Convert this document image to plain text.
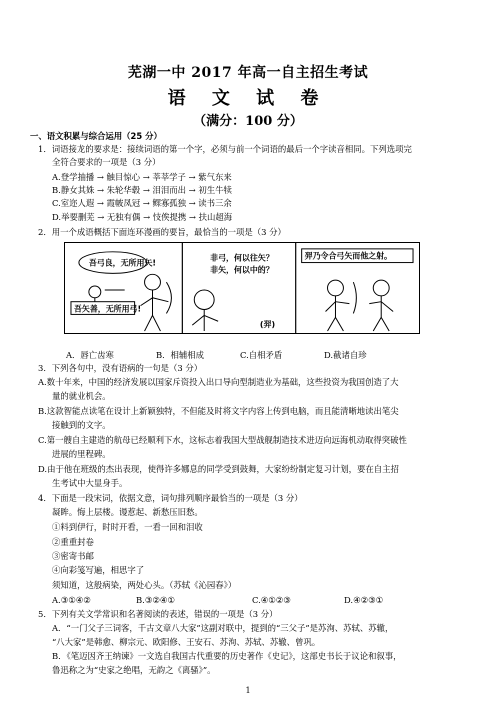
芜湖一中 2017 年高一自主招生考试
语 文 试 卷
（满分：100 分）
一、语文积累与综合运用（25 分）
1．词语接龙的要求是：接续词语的第一个字，必须与前一个词语的最后一个字读音相同。下列选项完
全符合要求的一项是（3 分）
A.登学抽播 → 触目惊心 → 莘莘学子 → 紫气东来
B.静女其姝 → 朱轮华毂 → 泪泪而出 → 初生牛犊
C.室迩人遐 → 霞帔凤冠 → 鳏寡孤独 → 读书三余
D.举要删芜 → 无独有偶 → 忮俟提携 → 扶山超海
2．用一个成语概括下面连环漫画的要旨，最恰当的一项是（3 分）
吾弓良，无所用矢!
吾矢善，无所用弓!
非弓，何以往矢？
非矢，何以中的？
(羿)
羿乃令合弓矢而他之射。
A．唇亡齿寒	B．相辅相成	C.自相矛盾	D.截诸自珍
3．下列各句中，没有语病的一句是（3 分）
A.数十年来，中国的经济发展以国家斥资投入出口导向型制造业为基础，这些投资为我国创造了大
量的就业机会。
B.这款智能点读笔在设计上新颖独特，不但能及时将文字内容上传到电脑，而且能清晰地读出笔尖
接触到的文字。
C.第一艘自主建造的航母已经顺利下水，这标志着我国大型战舰制造技术进迈向远海机动取得突破性
进展的里程碑。
D.由于他在班级的杰出表现，使得许多娜息的同学受到鼓舞，大家纷纷制定复习计划，要在自主招
生考试中大显身手。
4．下面是一段宋词，依据文意，词句排列顺序最恰当的一项是（3 分）
凝眸。悔上层楼。谩惹起、新愁压旧愁。
①料到伊行，时时开看，一看一回和泪收
②重重封卷
③密寄书邮
④向彩笺写遍，相思字了
须知道，这般病染，两处心头。（苏轼《沁园春》）
A.③①④②	B.③②④①	C.④①②③	D.④②③①
5．下列有关文学常识和名著阅读的表述，错误的一项是（3 分）
A．“一门父子三词客，千古文章八大家”这副对联中，提到的“三父子”是苏洵、苏轼、苏辙，
“八大家”是韩愈、柳宗元、欧阳修、王安石、苏洵、苏轼、苏辙、曾巩。
B．《笔迈因齐王纳谏》一文选自我国古代重要的历史著作《史记》，这部史书长于议论和叙事，
鲁迅称之为“史家之绝唱，无韵之《离骚》”。
1
